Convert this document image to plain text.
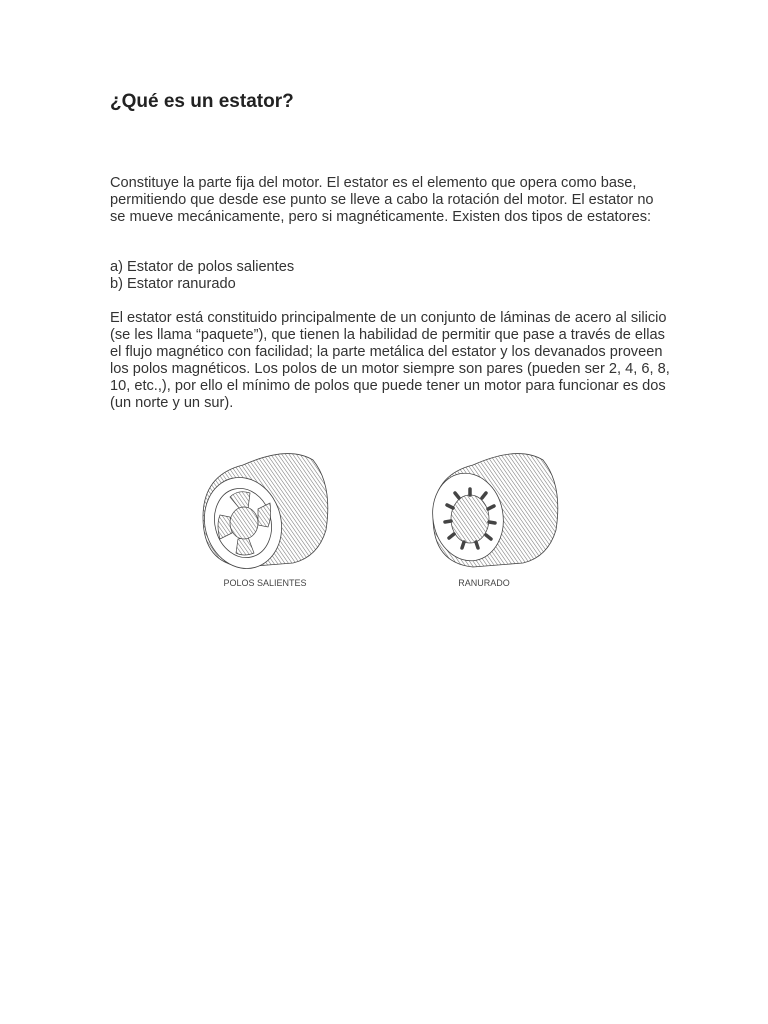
¿Qué es un estator?

Constituye la parte fija del motor. El estator es el elemento que opera como base, permitiendo que desde ese punto se lleve a cabo la rotación del motor. El estator no se mueve mecánicamente, pero si magnéticamente. Existen dos tipos de estatores:

a) Estator de polos salientes
b) Estator ranurado

El estator está constituido principalmente de un conjunto de láminas de acero al silicio (se les llama “paquete”), que tienen la habilidad de permitir que pase a través de ellas el flujo magnético con facilidad; la parte metálica del estator y los devanados proveen los polos magnéticos. Los polos de un motor siempre son pares (pueden ser 2, 4, 6, 8, 10, etc.,), por ello el mínimo de polos que puede tener un motor para funcionar es dos (un norte y un sur).

POLOS SALIENTES	RANURADO
